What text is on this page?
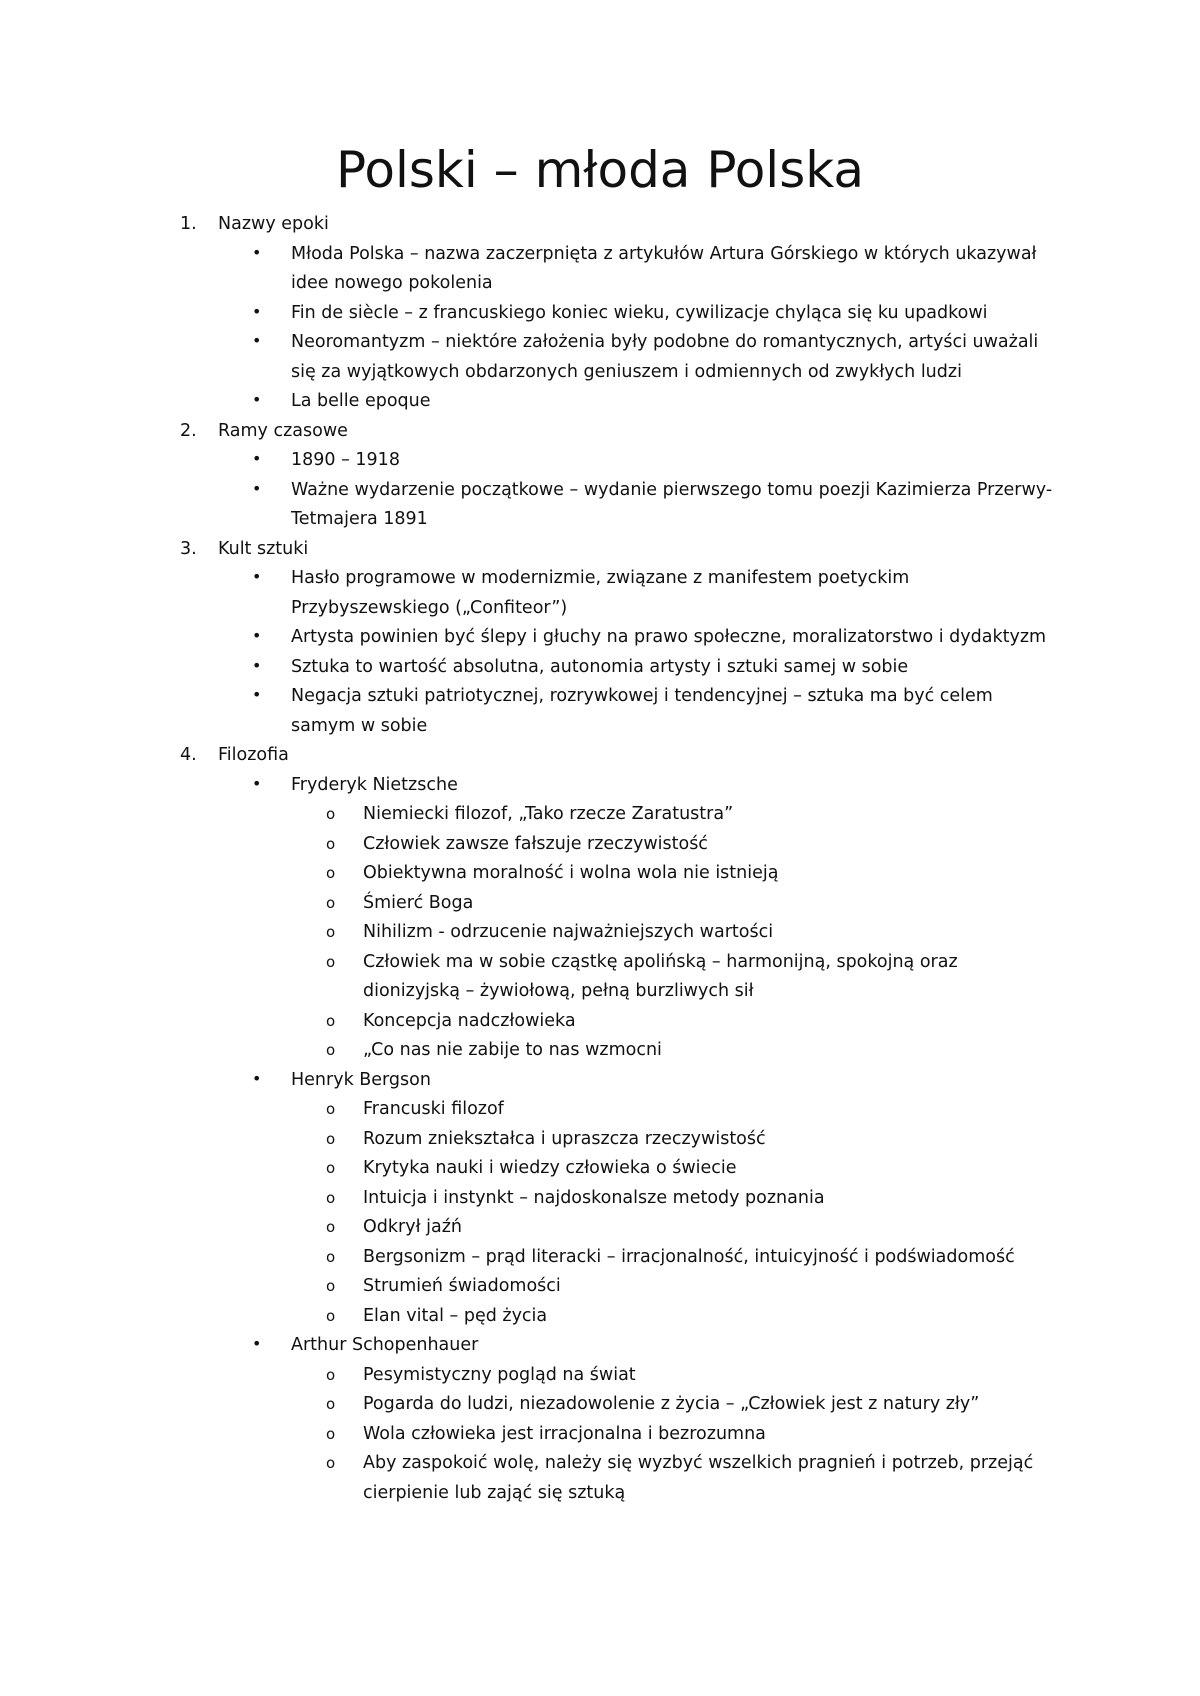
Polski – młoda Polska
1. Nazwy epoki
• Młoda Polska – nazwa zaczerpnięta z artykułów Artura Górskiego w których ukazywał idee nowego pokolenia
• Fin de siècle – z francuskiego koniec wieku, cywilizacje chyląca się ku upadkowi
• Neoromantyzm – niektóre założenia były podobne do romantycznych, artyści uważali się za wyjątkowych obdarzonych geniuszem i odmiennych od zwykłych ludzi
• La belle epoque
2. Ramy czasowe
• 1890 – 1918
• Ważne wydarzenie początkowe – wydanie pierwszego tomu poezji Kazimierza Przerwy-Tetmajera 1891
3. Kult sztuki
• Hasło programowe w modernizmie, związane z manifestem poetyckim Przybyszewskiego („Confiteor”)
• Artysta powinien być ślepy i głuchy na prawo społeczne, moralizatorstwo i dydaktyzm
• Sztuka to wartość absolutna, autonomia artysty i sztuki samej w sobie
• Negacja sztuki patriotycznej, rozrywkowej i tendencyjnej – sztuka ma być celem samym w sobie
4. Filozofia
• Fryderyk Nietzsche
o Niemiecki filozof, „Tako rzecze Zaratustra”
o Człowiek zawsze fałszuje rzeczywistość
o Obiektywna moralność i wolna wola nie istnieją
o Śmierć Boga
o Nihilizm - odrzucenie najważniejszych wartości
o Człowiek ma w sobie cząstkę apolińską – harmonijną, spokojną oraz dionizyjską – żywiołową, pełną burzliwych sił
o Koncepcja nadczłowieka
o „Co nas nie zabije to nas wzmocni
• Henryk Bergson
o Francuski filozof
o Rozum zniekształca i upraszcza rzeczywistość
o Krytyka nauki i wiedzy człowieka o świecie
o Intuicja i instynkt – najdoskonalsze metody poznania
o Odkrył jaźń
o Bergsonizm – prąd literacki – irracjonalność, intuicyjność i podświadomość
o Strumień świadomości
o Elan vital – pęd życia
• Arthur Schopenhauer
o Pesymistyczny pogląd na świat
o Pogarda do ludzi, niezadowolenie z życia – „Człowiek jest z natury zły”
o Wola człowieka jest irracjonalna i bezrozumna
o Aby zaspokoić wolę, należy się wyzbyć wszelkich pragnień i potrzeb, przejąć cierpienie lub zająć się sztuką
